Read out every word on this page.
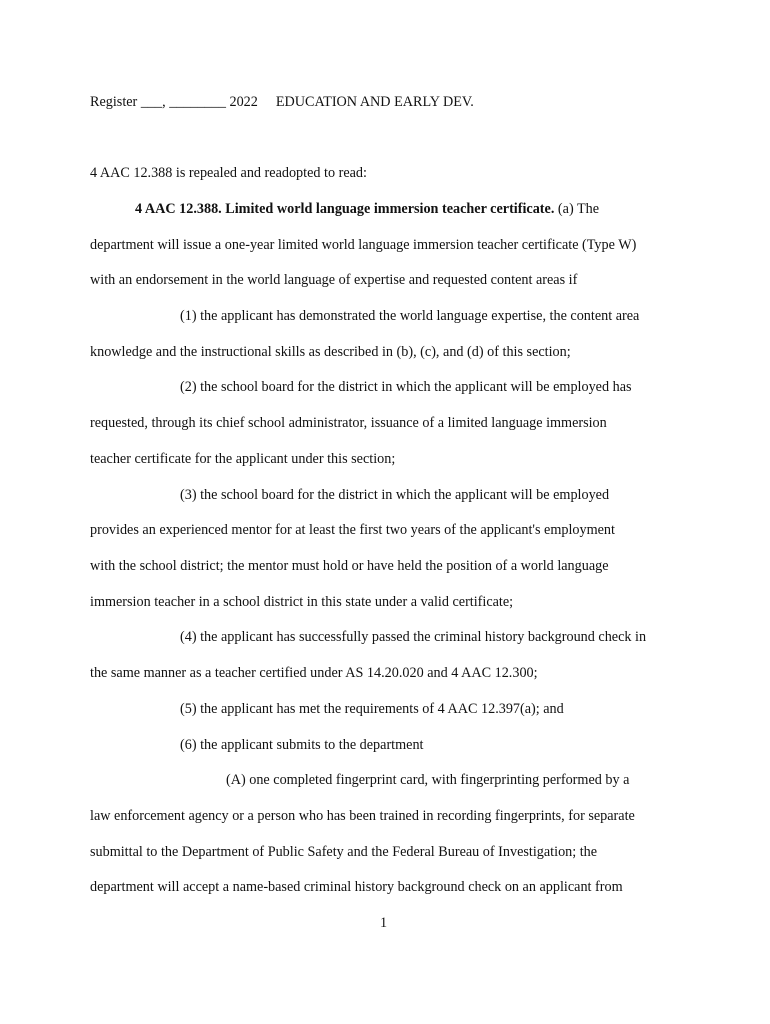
Register ___, ________ 2022 EDUCATION AND EARLY DEV.
4 AAC 12.388 is repealed and readopted to read:
4 AAC 12.388. Limited world language immersion teacher certificate. (a) The
department will issue a one-year limited world language immersion teacher certificate (Type W)
with an endorsement in the world language of expertise and requested content areas if
(1) the applicant has demonstrated the world language expertise, the content area
knowledge and the instructional skills as described in (b), (c), and (d) of this section;
(2) the school board for the district in which the applicant will be employed has
requested, through its chief school administrator, issuance of a limited language immersion
teacher certificate for the applicant under this section;
(3) the school board for the district in which the applicant will be employed
provides an experienced mentor for at least the first two years of the applicant's employment
with the school district; the mentor must hold or have held the position of a world language
immersion teacher in a school district in this state under a valid certificate;
(4) the applicant has successfully passed the criminal history background check in
the same manner as a teacher certified under AS 14.20.020 and 4 AAC 12.300;
(5) the applicant has met the requirements of 4 AAC 12.397(a); and
(6) the applicant submits to the department
(A) one completed fingerprint card, with fingerprinting performed by a
law enforcement agency or a person who has been trained in recording fingerprints, for separate
submittal to the Department of Public Safety and the Federal Bureau of Investigation; the
department will accept a name-based criminal history background check on an applicant from
1
